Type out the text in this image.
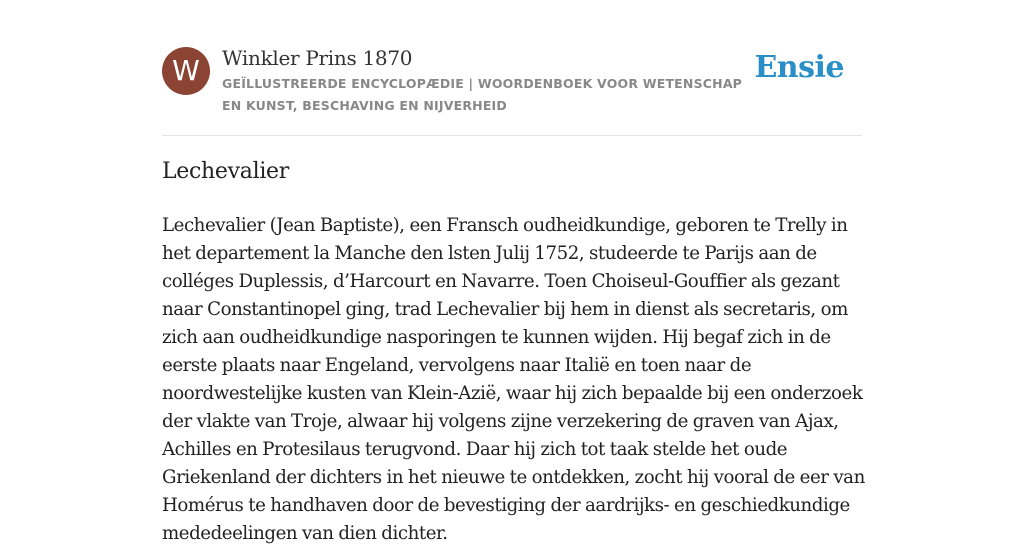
W	Winkler Prins 1870
GEÏLLUSTREERDE ENCYCLOPÆDIE | WOORDENBOEK VOOR WETENSCHAP EN KUNST, BESCHAVING EN NIJVERHEID
Ensie
Lechevalier

Lechevalier (Jean Baptiste), een Fransch oudheidkundige, geboren te Trelly in het departement la Manche den lsten Julij 1752, studeerde te Parijs aan de colléges Duplessis, d’Harcourt en Navarre. Toen Choiseul-Gouffier als gezant naar Constantinopel ging, trad Lechevalier bij hem in dienst als secretaris, om zich aan oudheidkundige nasporingen te kunnen wijden. Hij begaf zich in de eerste plaats naar Engeland, vervolgens naar Italië en toen naar de noordwestelijke kusten van Klein-Azië, waar hij zich bepaalde bij een onderzoek der vlakte van Troje, alwaar hij volgens zijne verzekering de graven van Ajax, Achilles en Protesilaus terugvond. Daar hij zich tot taak stelde het oude Griekenland der dichters in het nieuwe te ontdekken, zocht hij vooral de eer van Homérus te handhaven door de bevestiging der aardrijks- en geschiedkundige mededeelingen van dien dichter.
